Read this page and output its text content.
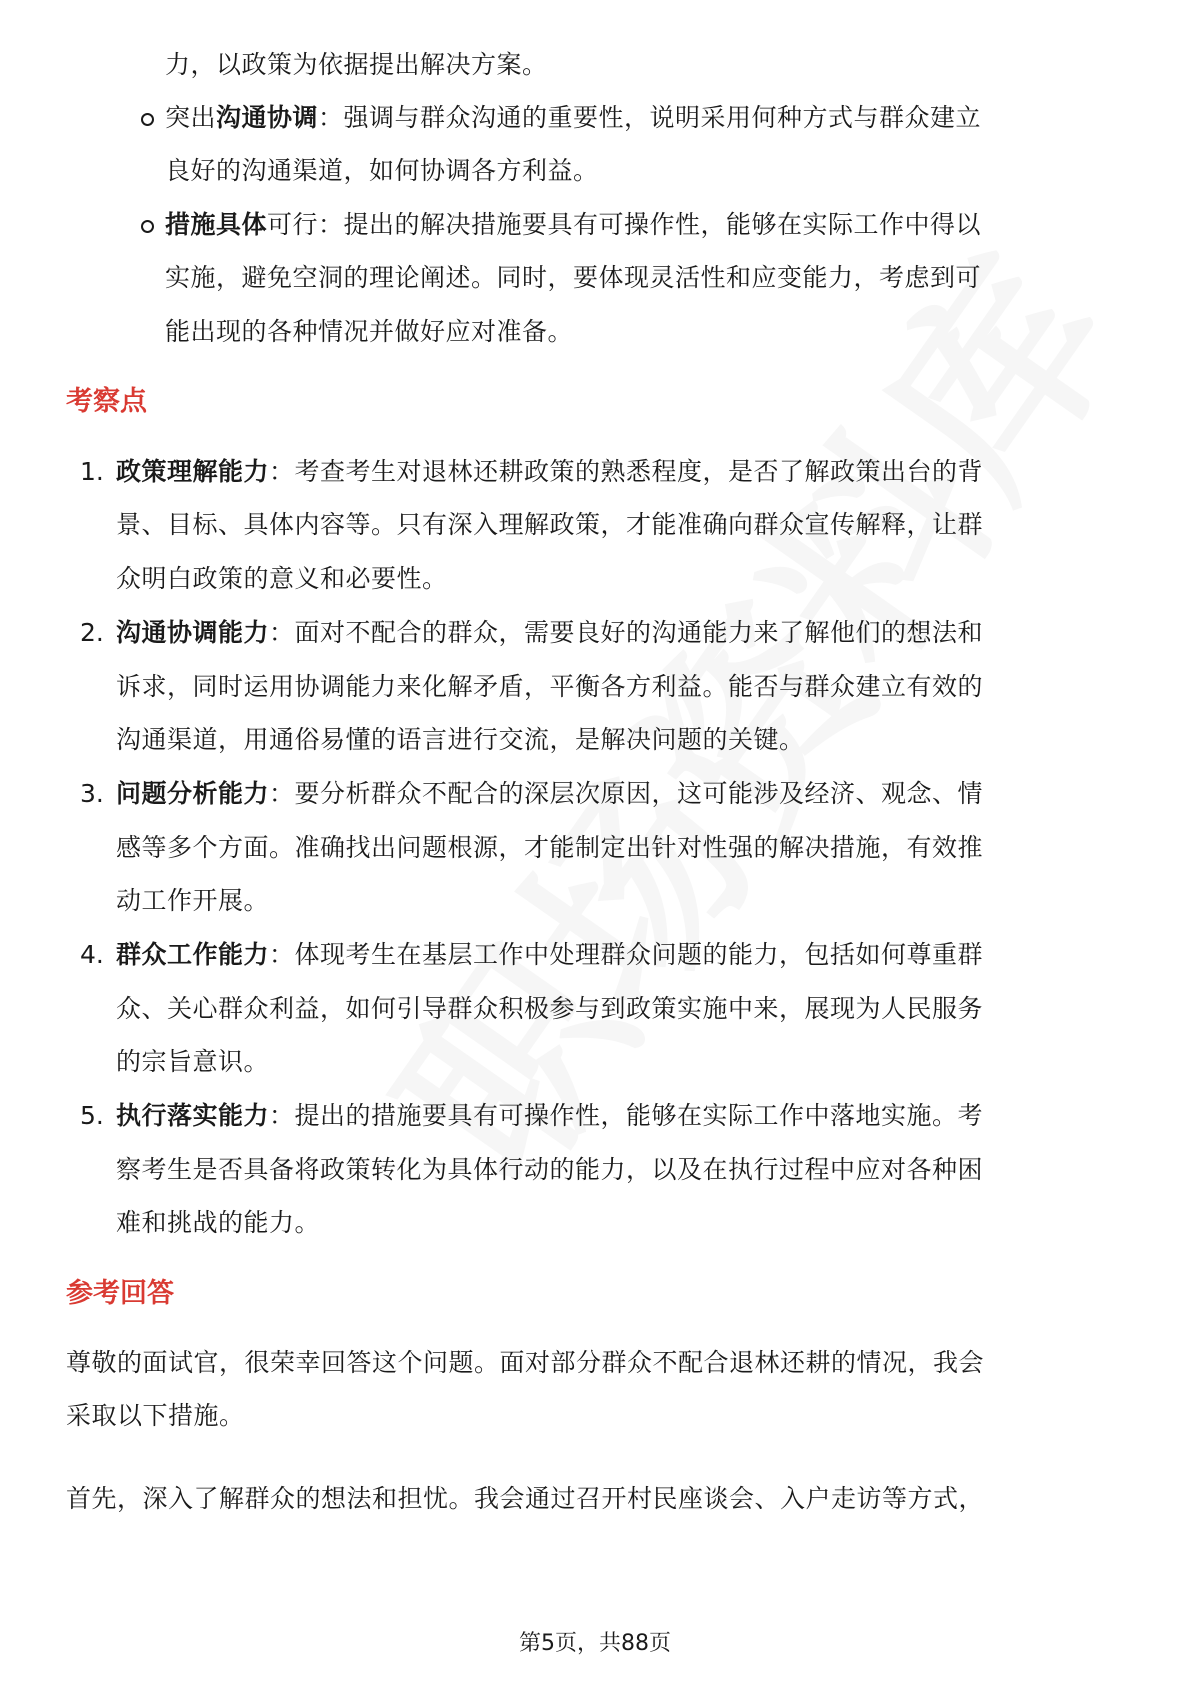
力，以政策为依据提出解决方案。
突出沟通协调：强调与群众沟通的重要性，说明采用何种方式与群众建立
良好的沟通渠道，如何协调各方利益。
措施具体可行：提出的解决措施要具有可操作性，能够在实际工作中得以
实施，避免空洞的理论阐述。同时，要体现灵活性和应变能力，考虑到可
能出现的各种情况并做好应对准备。
考察点
1. 政策理解能力：考查考生对退林还耕政策的熟悉程度，是否了解政策出台的背
景、目标、具体内容等。只有深入理解政策，才能准确向群众宣传解释，让群
众明白政策的意义和必要性。
2. 沟通协调能力：面对不配合的群众，需要良好的沟通能力来了解他们的想法和
诉求，同时运用协调能力来化解矛盾，平衡各方利益。能否与群众建立有效的
沟通渠道，用通俗易懂的语言进行交流，是解决问题的关键。
3. 问题分析能力：要分析群众不配合的深层次原因，这可能涉及经济、观念、情
感等多个方面。准确找出问题根源，才能制定出针对性强的解决措施，有效推
动工作开展。
4. 群众工作能力：体现考生在基层工作中处理群众问题的能力，包括如何尊重群
众、关心群众利益，如何引导群众积极参与到政策实施中来，展现为人民服务
的宗旨意识。
5. 执行落实能力：提出的措施要具有可操作性，能够在实际工作中落地实施。考
察考生是否具备将政策转化为具体行动的能力，以及在执行过程中应对各种困
难和挑战的能力。
参考回答
尊敬的面试官，很荣幸回答这个问题。面对部分群众不配合退林还耕的情况，我会
采取以下措施。
首先，深入了解群众的想法和担忧。我会通过召开村民座谈会、入户走访等方式，
第5页，共88页
